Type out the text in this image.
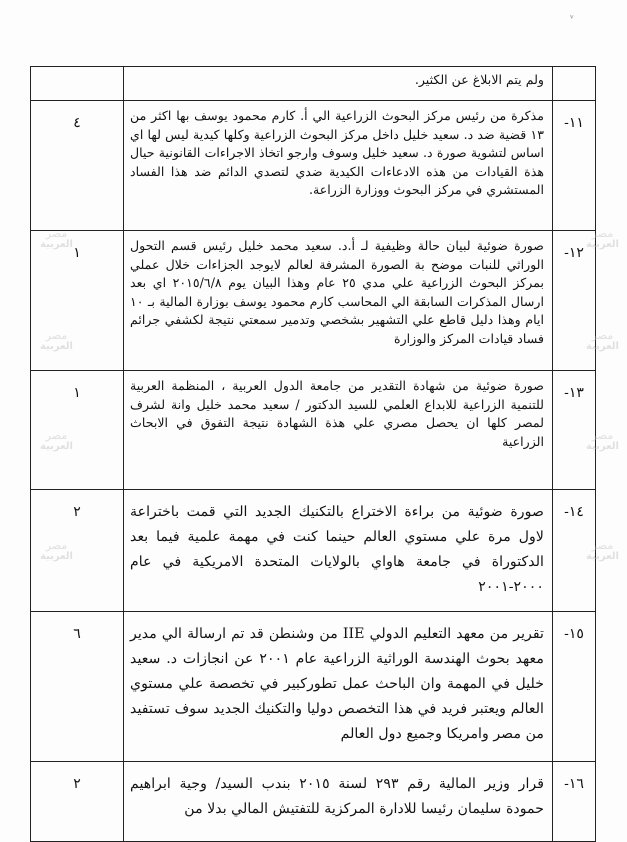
ᵛ
	ولم يتم الابلاغ عن الكثير.	
١١-	مذكرة من رئيس مركز البحوث الزراعية الي أ. كارم محمود يوسف بها اكثر من ١٣ قضية ضد د. سعيد خليل داخل مركز البحوث الزراعية وكلها كيدية ليس لها اي اساس لتشوية صورة د. سعيد خليل وسوف وارجو اتخاذ الاجراءات القانونية حيال هذة القيادات من هذه الادعاءات الكيدية ضدي لتصدي الدائم ضد هذا الفساد المستشري في مركز البحوث ووزارة الزراعة.	٤
١٢-	صورة ضوئية لبيان حالة وظيفية لـ أ.د. سعيد محمد خليل رئيس قسم التحول الوراثي للنبات موضح بة الصورة المشرفة لعالم لايوجد الجزاءات خلال عملي بمركز البحوث الزراعية علي مدي ٢٥ عام وهذا البيان يوم ٢٠١٥/٦/٨ اي بعد ارسال المذكرات السابقة الي المحاسب كارم محمود يوسف بوزارة المالية بـ ١٠ ايام وهذا دليل قاطع علي التشهير بشخصي وتدمير سمعتي نتيجة لكشفي جرائم فساد قيادات المركز والوزارة	١
١٣-	صورة ضوئية من شهادة التقدير من جامعة الدول العربية ، المنظمة العربية للتنمية الزراعية للابداع العلمي للسيد الدكتور / سعيد محمد خليل وانة لشرف لمصر كلها ان يحصل مصري علي هذة الشهادة نتيجة التفوق في الابحاث الزراعية	١
١٤-	صورة ضوئية من براءة الاختراع بالتكنيك الجديد التي قمت باختراعة لاول مرة علي مستوي العالم حينما كنت في مهمة علمية فيما بعد الدكتوراة في جامعة هاواي بالولايات المتحدة الامريكية في عام ٢٠٠٠-٢٠٠١	٢
١٥-	تقرير من معهد التعليم الدولي IIE من وشنطن قد تم ارسالة الي مدير معهد بحوث الهندسة الوراثية الزراعية عام ٢٠٠١ عن انجازات د. سعيد خليل في المهمة وان الباحث عمل تطوركبير في تخصصة علي مستوي العالم ويعتبر فريد في هذا التخصص دوليا والتكنيك الجديد سوف تستفيد من مصر وامريكا وجميع دول العالم	٦
١٦-	قرار وزير المالية رقم ٢٩٣ لسنة ٢٠١٥ بندب السيد/ وجية ابراهيم حمودة سليمان رئيسا للادارة المركزية للتفتيش المالي بدلا من	٢
مصر
العربية
مصر
العربية
مصر
العربية
مصر
العربية
مصر
العربية
مصر
العربية
مصر
العربية
مصر
العربية
